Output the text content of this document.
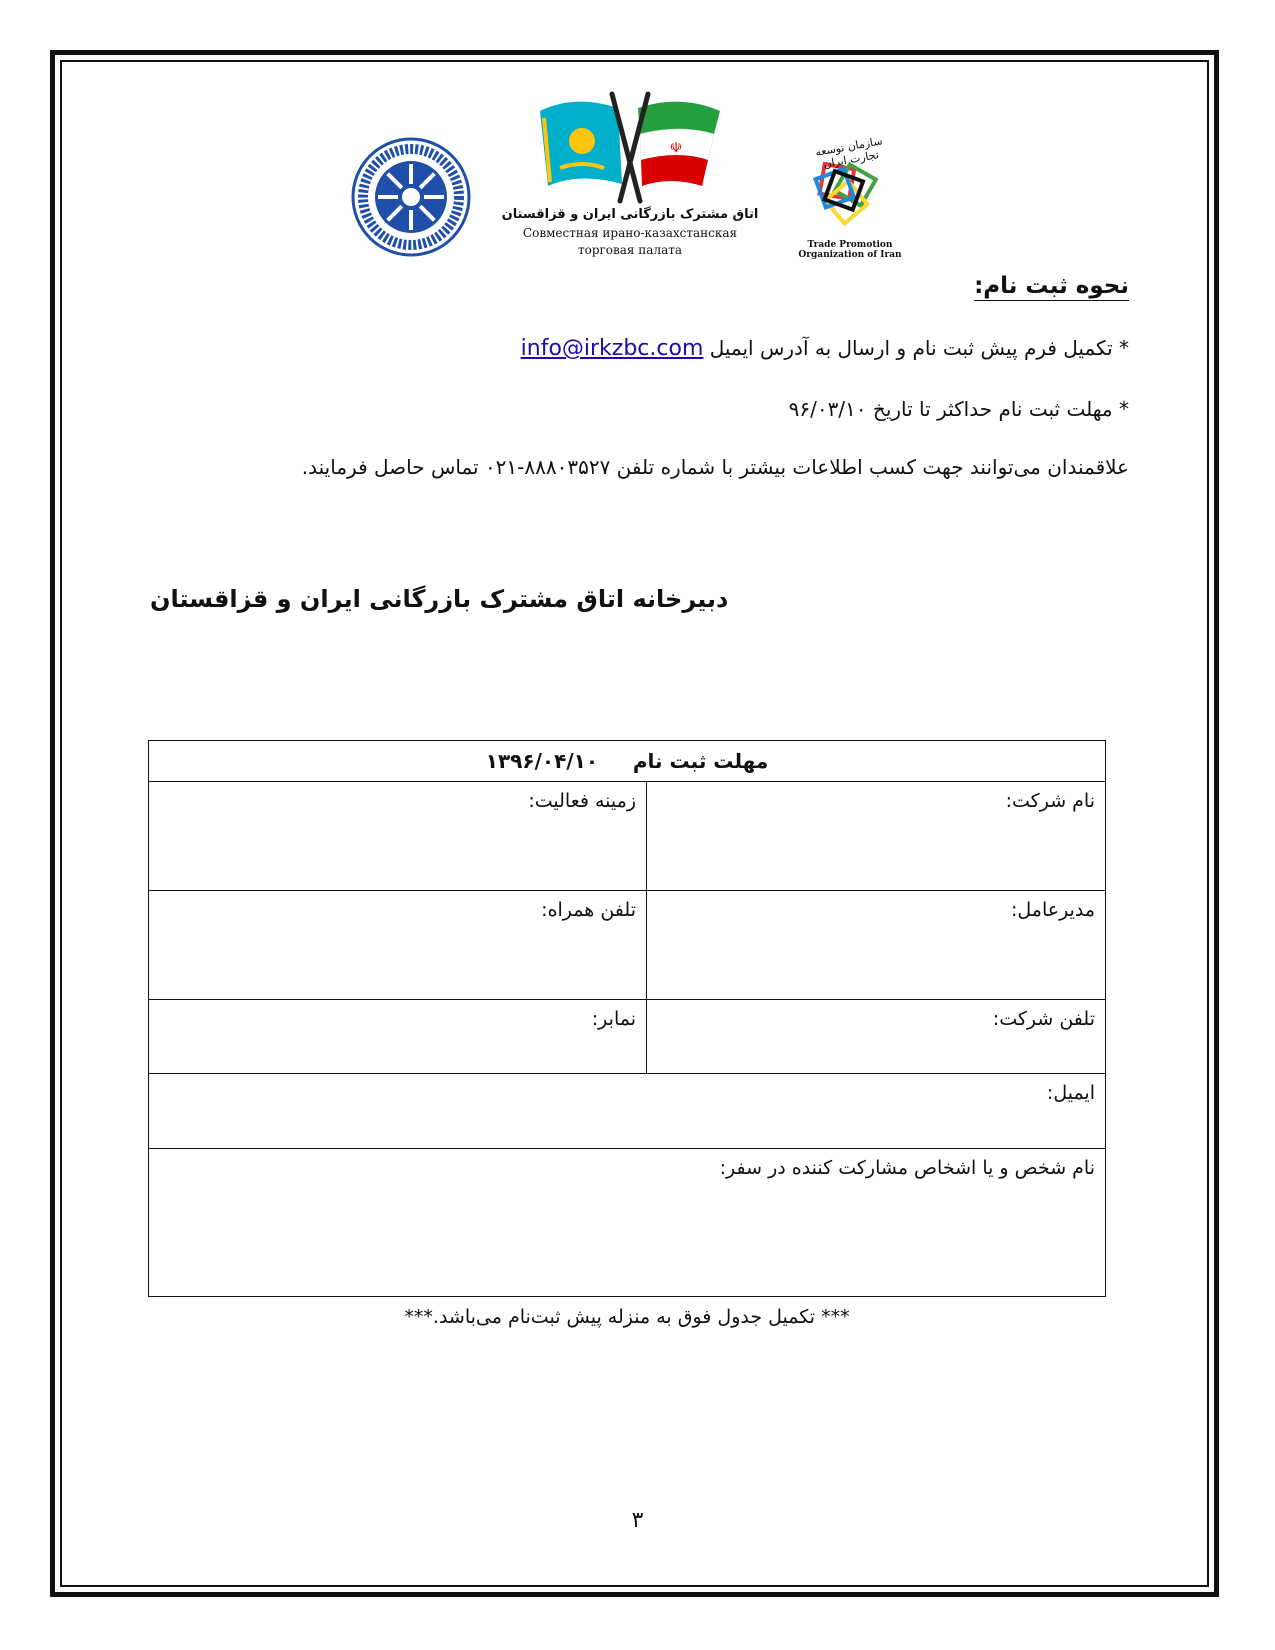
☫
اتاق مشترک بازرگانی ایران و قزاقستان
Совместная ирано-казахстанская
торговая палата
سازمان توسعه تجارت ایران
Trade Promotion Organization of Iran
نحوه ثبت نام:
* تکمیل فرم پیش ثبت نام و ارسال به آدرس ایمیل info@irkzbc.com
* مهلت ثبت نام حداکثر تا تاریخ ۹۶/۰۳/۱۰
علاقمندان می‌توانند جهت کسب اطلاعات بیشتر با شماره تلفن ۸۸۸۰۳۵۲۷-۰۲۱ تماس حاصل فرمایند.
دبیرخانه اتاق مشترک بازرگانی ایران و قزاقستان
مهلت ثبت نام     ۱۳۹۶/۰۴/۱۰	
نام شرکت:	زمینه فعالیت:
مدیرعامل:	تلفن همراه:
تلفن شرکت:	نمابر:
ایمیل:	
نام شخص و یا اشخاص مشارکت کننده در سفر:	
*** تکمیل جدول فوق به منزله پیش ثبت‌نام می‌باشد.***
۳
